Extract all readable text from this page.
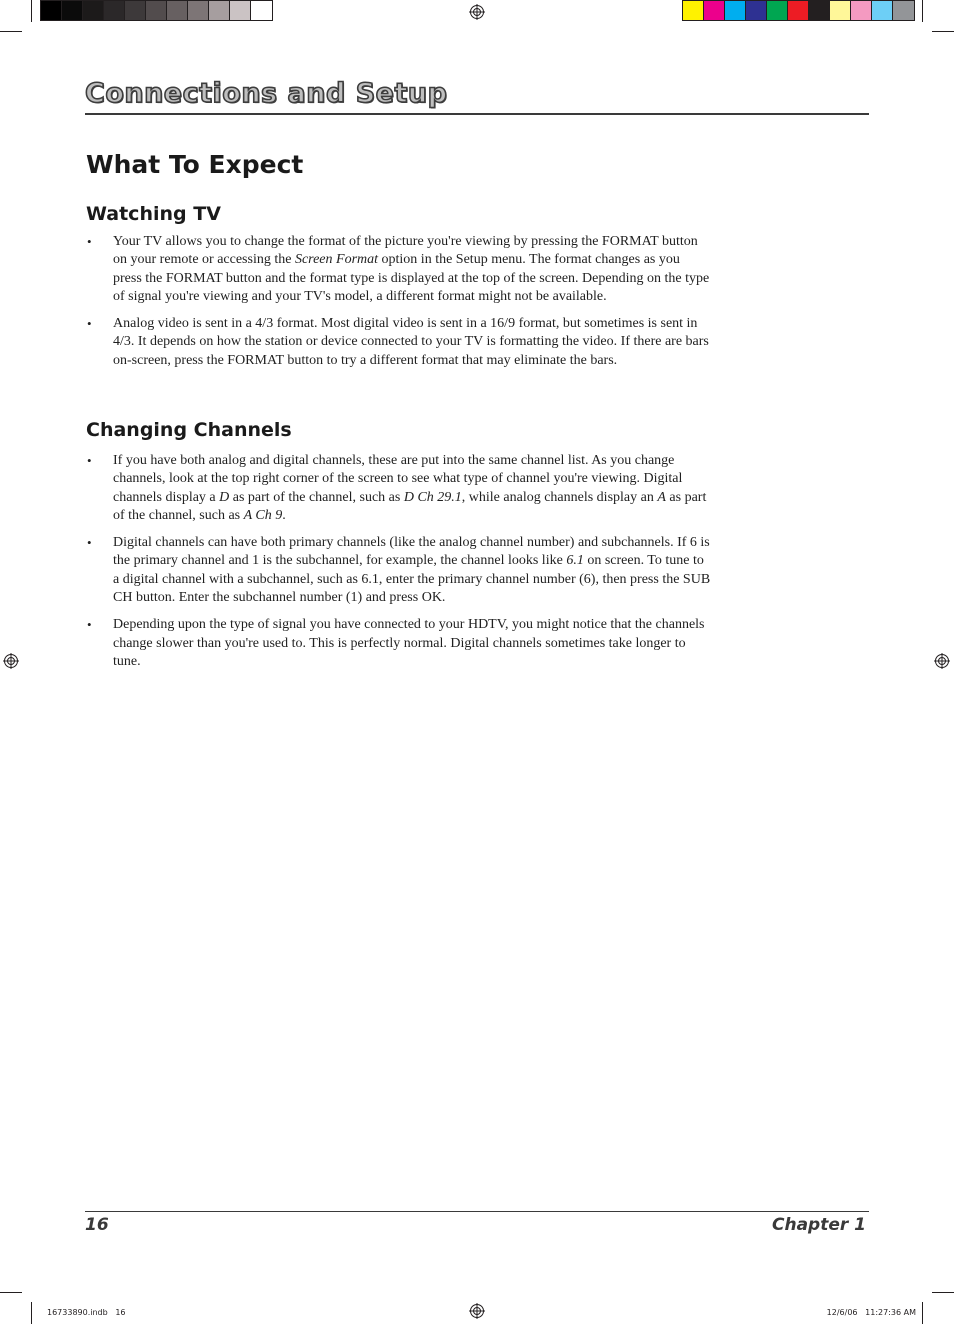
Connections and Setup
What To Expect
Watching TV
• Your TV allows you to change the format of the picture you're viewing by pressing the FORMAT button on your remote or accessing the Screen Format option in the Setup menu. The format changes as you press the FORMAT button and the format type is displayed at the top of the screen. Depending on the type of signal you're viewing and your TV's model, a different format might not be available.
• Analog video is sent in a 4/3 format. Most digital video is sent in a 16/9 format, but sometimes is sent in 4/3. It depends on how the station or device connected to your TV is formatting the video. If there are bars on-screen, press the FORMAT button to try a different format that may eliminate the bars.
Changing Channels
• If you have both analog and digital channels, these are put into the same channel list. As you change channels, look at the top right corner of the screen to see what type of channel you're viewing. Digital channels display a D as part of the channel, such as D Ch 29.1, while analog channels display an A as part of the channel, such as A Ch 9.
• Digital channels can have both primary channels (like the analog channel number) and subchannels. If 6 is the primary channel and 1 is the subchannel, for example, the channel looks like 6.1 on screen. To tune to a digital channel with a subchannel, such as 6.1, enter the primary channel number (6), then press the SUB CH button. Enter the subchannel number (1) and press OK.
• Depending upon the type of signal you have connected to your HDTV, you might notice that the channels change slower than you're used to. This is perfectly normal. Digital channels sometimes take longer to tune.
16	Chapter 1
16733890.indb   16	12/6/06   11:27:36 AM
